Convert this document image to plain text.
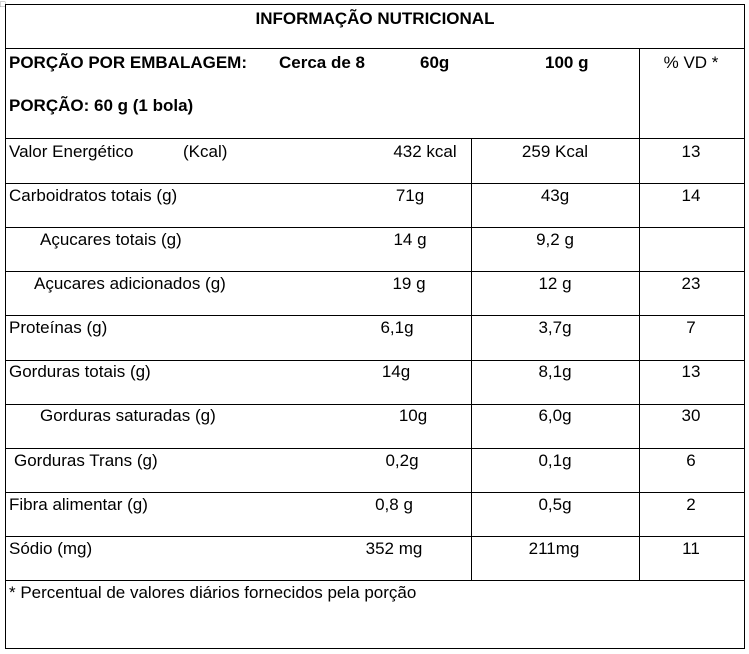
□
INFORMAÇÃO NUTRICIONAL
PORÇÃO POR EMBALAGEM: Cerca de 8	60g	100 g	% VD *
PORÇÃO: 60 g (1 bola)
Valor Energético	(Kcal)	432 kcal	259 Kcal	13
Carboidratos totais (g)	71g	43g	14
Açucares totais (g)	14 g	9,2 g
Açucares adicionados (g)	19 g	12 g	23
Proteínas (g)	6,1g	3,7g	7
Gorduras totais (g)	14g	8,1g	13
Gorduras saturadas (g)	10g	6,0g	30
Gorduras Trans (g)	0,2g	0,1g	6
Fibra alimentar (g)	0,8 g	0,5g	2
Sódio (mg)	352 mg	211mg	11
* Percentual de valores diários fornecidos pela porção
